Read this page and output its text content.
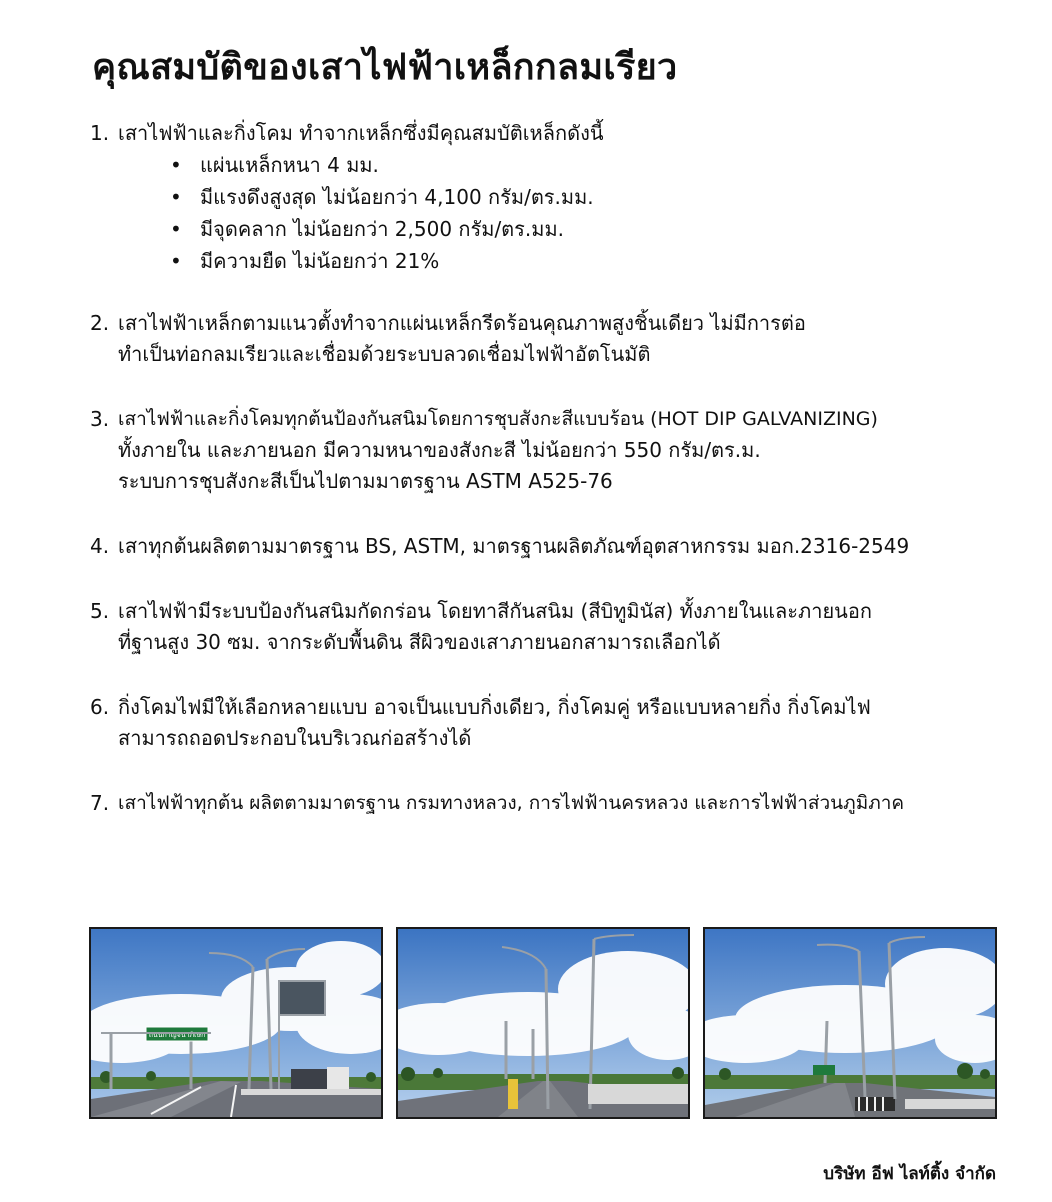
คุณสมบัติของเสาไฟฟ้าเหล็กกลมเรียว
1. เสาไฟฟ้าและกิ่งโคม ทำจากเหล็กซึ่งมีคุณสมบัติเหล็กดังนี้
• แผ่นเหล็กหนา 4 มม.
• มีแรงดึงสูงสุด ไม่น้อยกว่า 4,100 กรัม/ตร.มม.
• มีจุดคลาก ไม่น้อยกว่า 2,500 กรัม/ตร.มม.
• มีความยืด ไม่น้อยกว่า 21%
2. เสาไฟฟ้าเหล็กตามแนวตั้งทำจากแผ่นเหล็กรีดร้อนคุณภาพสูงชิ้นเดียว ไม่มีการต่อ
ทำเป็นท่อกลมเรียวและเชื่อมด้วยระบบลวดเชื่อมไฟฟ้าอัตโนมัติ
3. เสาไฟฟ้าและกิ่งโคมทุกต้นป้องกันสนิมโดยการชุบสังกะสีแบบร้อน (HOT DIP GALVANIZING)
ทั้งภายใน และภายนอก มีความหนาของสังกะสี ไม่น้อยกว่า 550 กรัม/ตร.ม.
ระบบการชุบสังกะสีเป็นไปตามมาตรฐาน ASTM A525-76
4. เสาทุกต้นผลิตตามมาตรฐาน BS, ASTM, มาตรฐานผลิตภัณฑ์อุตสาหกรรม มอก.2316-2549
5. เสาไฟฟ้ามีระบบป้องกันสนิมกัดกร่อน โดยทาสีกันสนิม (สีบิทูมินัส) ทั้งภายในและภายนอก
ที่ฐานสูง 30 ซม. จากระดับพื้นดิน สีผิวของเสาภายนอกสามารถเลือกได้
6. กิ่งโคมไฟมีให้เลือกหลายแบบ อาจเป็นแบบกิ่งเดียว, กิ่งโคมคู่ หรือแบบหลายกิ่ง กิ่งโคมไฟ
สามารถถอดประกอบในบริเวณก่อสร้างได้
7. เสาไฟฟ้าทุกต้น ผลิตตามมาตรฐาน กรมทางหลวง, การไฟฟ้านครหลวง และการไฟฟ้าส่วนภูมิภาค
ถนนกาญจนาภิเษก
บริษัท อีฟ ไลท์ติ้ง จำกัด
